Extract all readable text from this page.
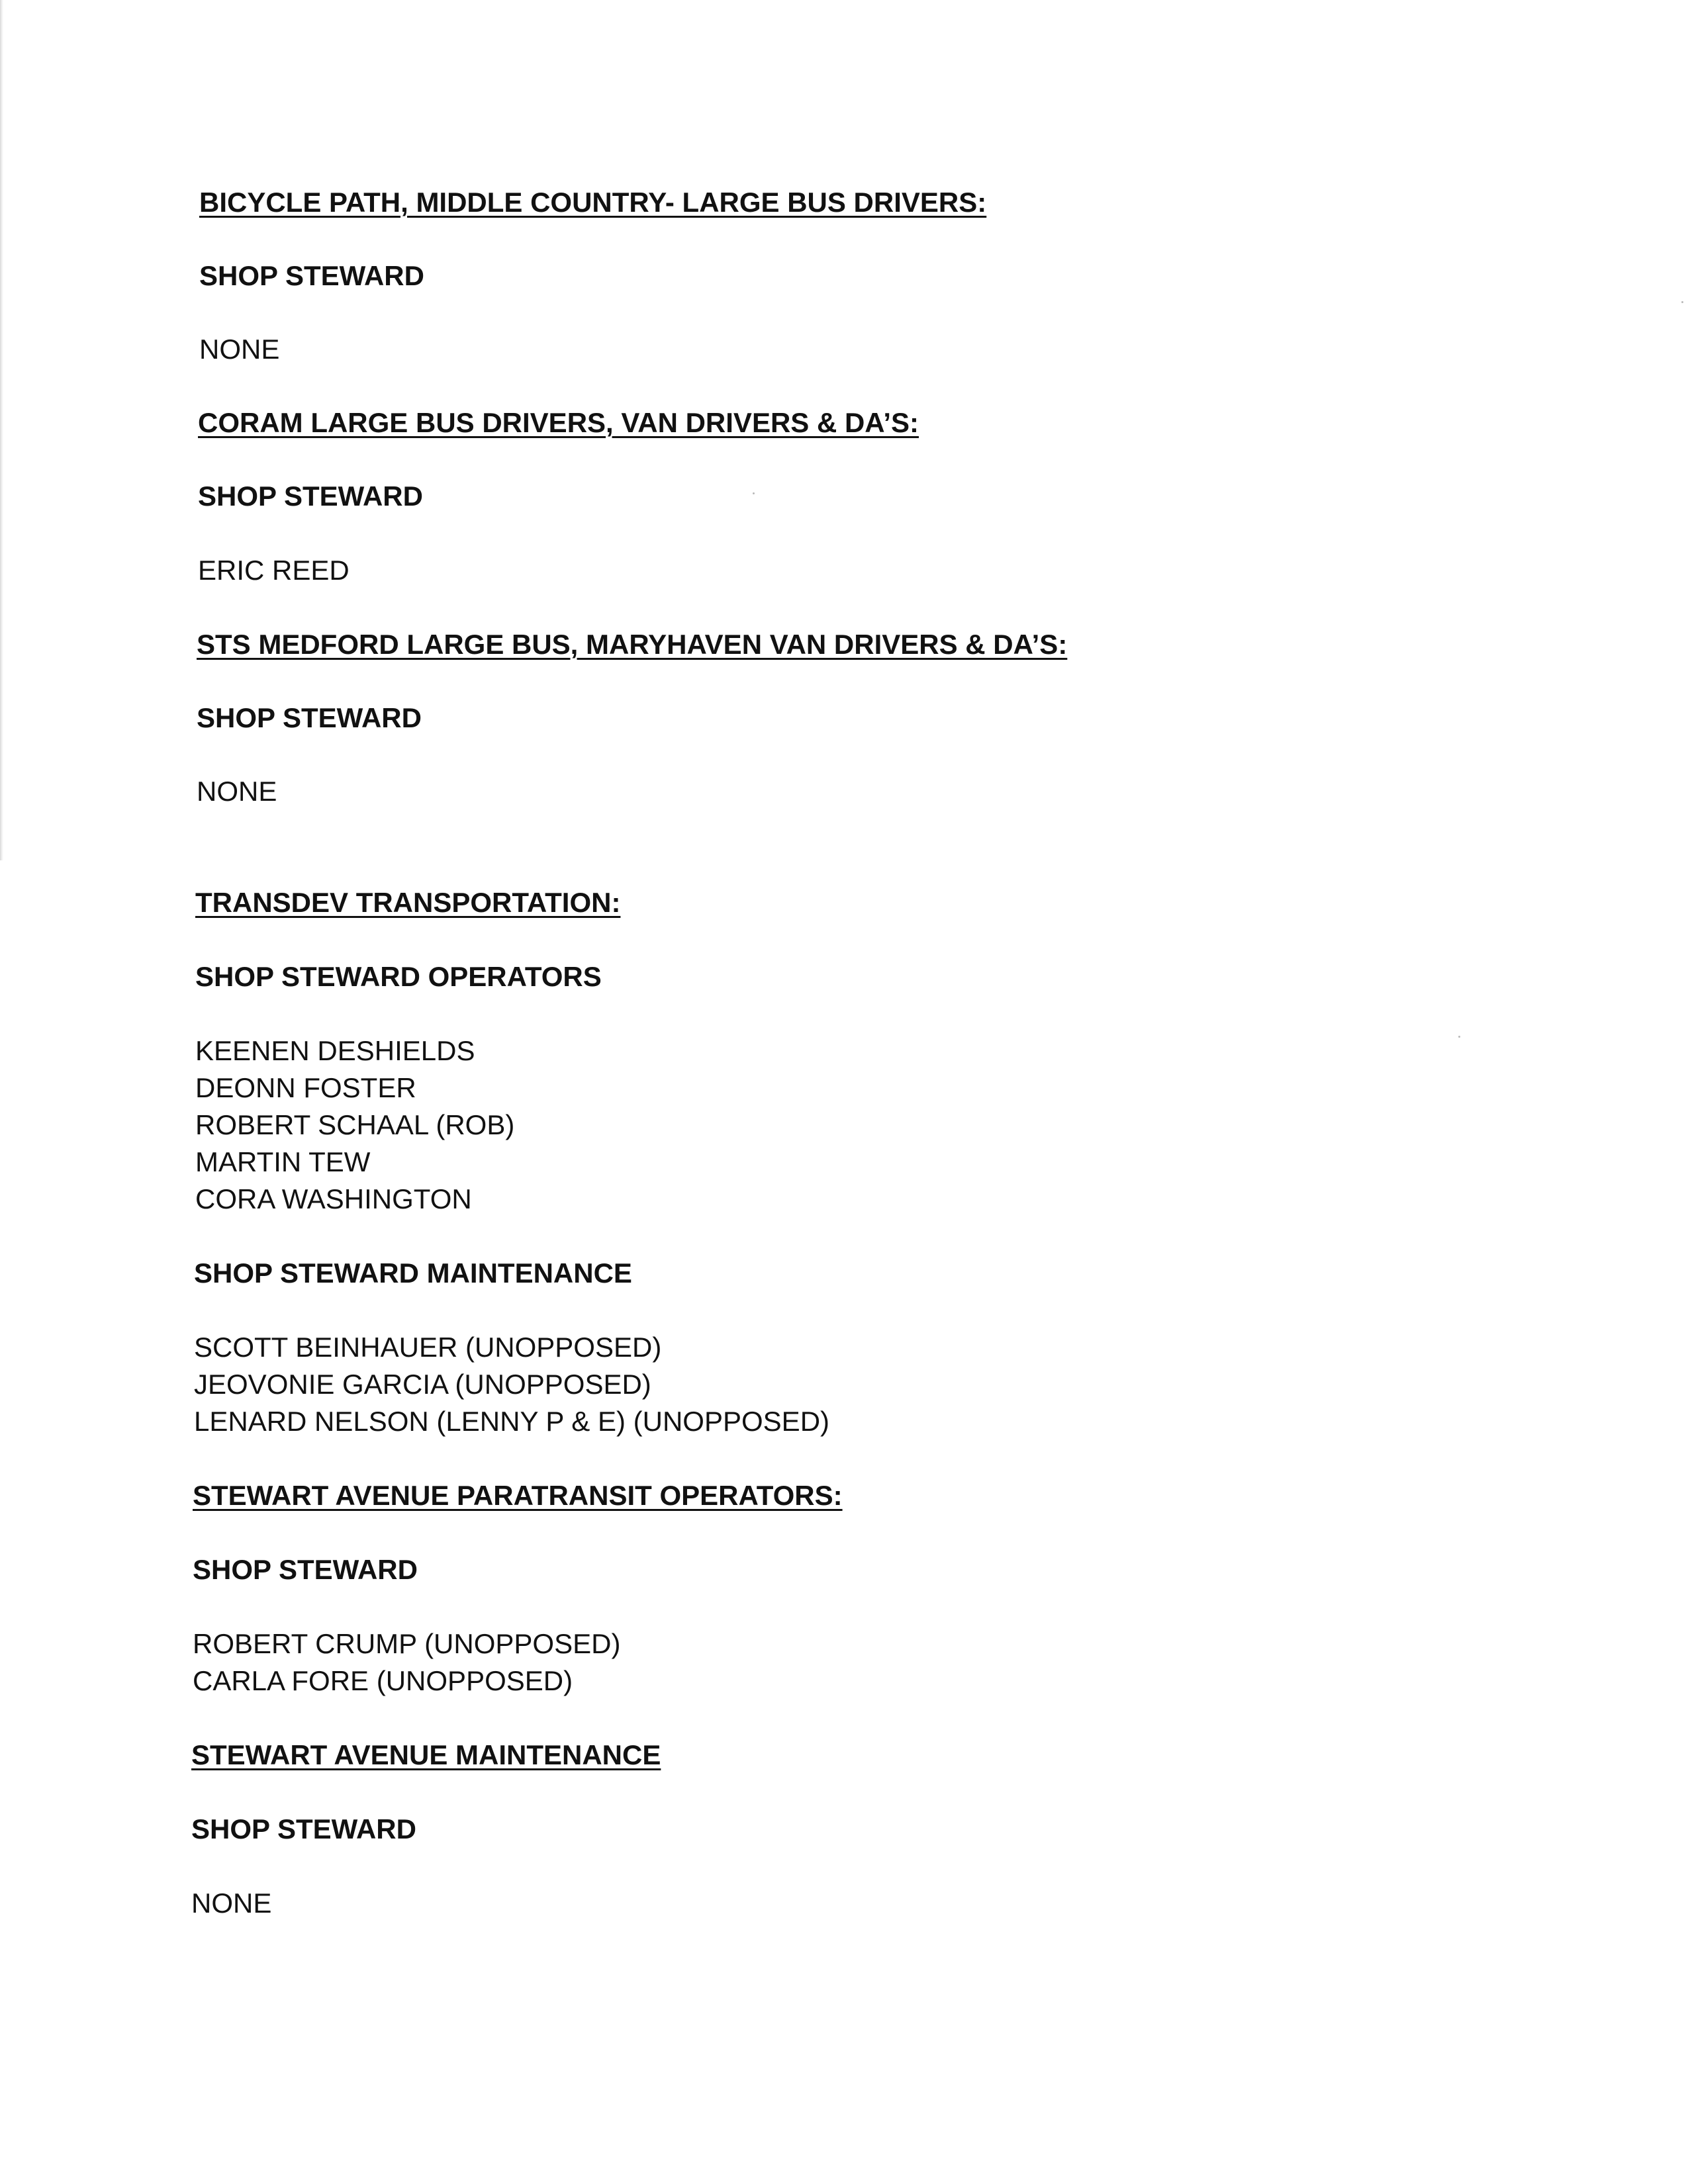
BICYCLE PATH, MIDDLE COUNTRY- LARGE BUS DRIVERS:
SHOP STEWARD
NONE
CORAM LARGE BUS DRIVERS, VAN DRIVERS & DA’S:
SHOP STEWARD
ERIC REED
STS MEDFORD LARGE BUS, MARYHAVEN VAN DRIVERS & DA’S:
SHOP STEWARD
NONE
TRANSDEV TRANSPORTATION:
SHOP STEWARD OPERATORS
KEENEN DESHIELDS
DEONN FOSTER
ROBERT SCHAAL (ROB)
MARTIN TEW
CORA WASHINGTON
SHOP STEWARD MAINTENANCE
SCOTT BEINHAUER (UNOPPOSED)
JEOVONIE GARCIA (UNOPPOSED)
LENARD NELSON (LENNY P & E) (UNOPPOSED)
STEWART AVENUE PARATRANSIT OPERATORS:
SHOP STEWARD
ROBERT CRUMP (UNOPPOSED)
CARLA FORE (UNOPPOSED)
STEWART AVENUE MAINTENANCE
SHOP STEWARD
NONE
